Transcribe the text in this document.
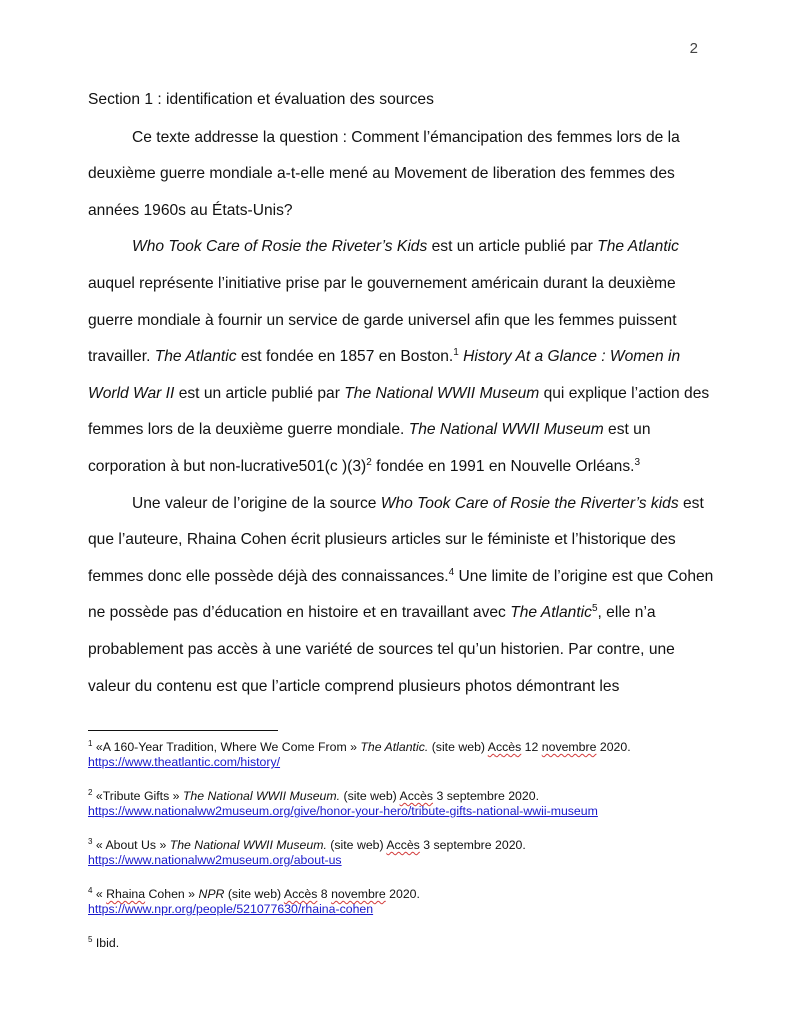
2

Section 1 : identification et évaluation des sources

Ce texte addresse la question : Comment l’émancipation des femmes lors de la deuxième guerre mondiale a-t-elle mené au Movement de liberation des femmes des années 1960s au États-Unis?

Who Took Care of Rosie the Riveter’s Kids est un article publié par The Atlantic auquel représente l’initiative prise par le gouvernement américain durant la deuxième guerre mondiale à fournir un service de garde universel afin que les femmes puissent travailler. The Atlantic est fondée en 1857 en Boston.$^1$ History At a Glance : Women in World War II est un article publié par The National WWII Museum qui explique l’action des femmes lors de la deuxième guerre mondiale. The National WWII Museum est un corporation à but non-lucrative501(c )$(3)^2$ fondée en 1991 en Nouvelle Orléans.$^3$

Une valeur de l’origine de la source Who Took Care of Rosie the Riverter’s kids est que l’auteure, Rhaina Cohen écrit plusieurs articles sur le féministe et l’historique des femmes donc elle possède déjà des connaissances.$^4$ Une limite de l’origine est que Cohen ne possède pas d’éducation en histoire et en travaillant avec The Atlantic$^5$, elle n’a probablement pas accès à une variété de sources tel qu’un historien. Par contre, une valeur du contenu est que l’article comprend plusieurs photos démontrant les

$^1$ «A 160-Year Tradition, Where We Come From » The Atlantic. (site web) Accès 12 novembre 2020.
https://www.theatlantic.com/history/
$^2$ «Tribute Gifts » The National WWII Museum. (site web) Accès 3 septembre 2020.
https://www.nationalww2museum.org/give/honor-your-hero/tribute-gifts-national-wwii-museum
$^3$ « About Us » The National WWII Museum. (site web) Accès 3 septembre 2020.
https://www.nationalww2museum.org/about-us
$^4$ « Rhaina Cohen » NPR (site web) Accès 8 novembre 2020.
https://www.npr.org/people/521077630/rhaina-cohen
$^5$ Ibid.
